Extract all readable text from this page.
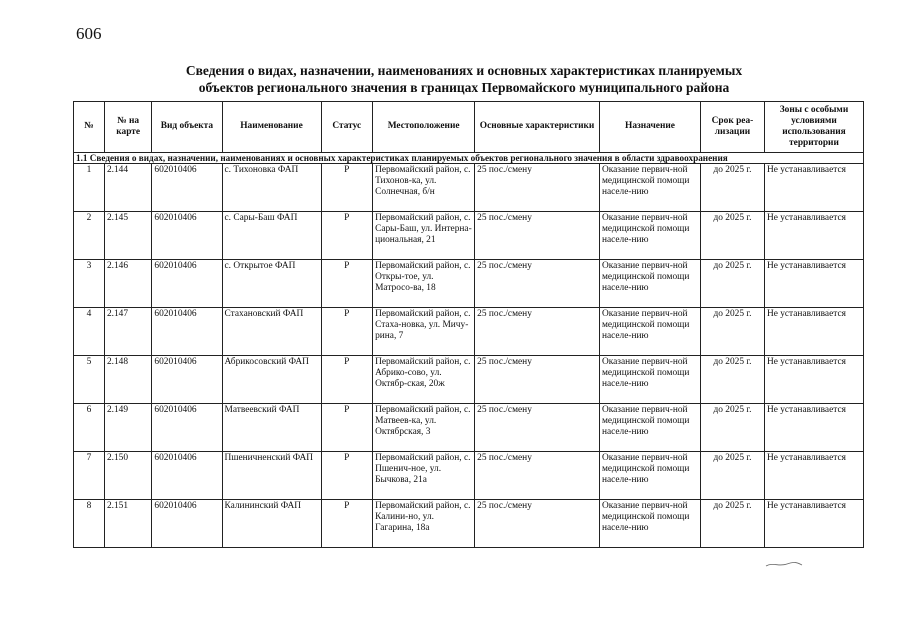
606
Сведения о видах, назначении, наименованиях и основных характеристиках планируемых
объектов регионального значения в границах Первомайского муниципального района
№	№ на карте	Вид объекта	Наименование	Статус	Местоположение	Основные характеристики	Назначение	Срок реа-лизации	Зоны с особыми условиями использования территории
1.1 Сведения о видах, назначении, наименованиях и основных характеристиках планируемых объектов регионального значения в области здравоохранения									
1	2.144	602010406	с. Тихоновка ФАП	Р	Первомайский район, с. Тихонов-ка, ул. Солнечная, б/н	25 пос./смену	Оказание первич-ной медицинской помощи населе-нию	до 2025 г.	Не устанавливается
2	2.145	602010406	с. Сары-Баш ФАП	Р	Первомайский район, с. Сары-Баш, ул. Интерна-циональная, 21	25 пос./смену	Оказание первич-ной медицинской помощи населе-нию	до 2025 г.	Не устанавливается
3	2.146	602010406	с. Открытое ФАП	Р	Первомайский район, с. Откры-тое, ул. Матросо-ва, 18	25 пос./смену	Оказание первич-ной медицинской помощи населе-нию	до 2025 г.	Не устанавливается
4	2.147	602010406	Стахановский ФАП	Р	Первомайский район, с. Стаха-новка, ул. Мичу-рина, 7	25 пос./смену	Оказание первич-ной медицинской помощи населе-нию	до 2025 г.	Не устанавливается
5	2.148	602010406	Абрикосовский ФАП	Р	Первомайский район, с. Абрико-сово, ул. Октябр-ская, 20ж	25 пос./смену	Оказание первич-ной медицинской помощи населе-нию	до 2025 г.	Не устанавливается
6	2.149	602010406	Матвеевский ФАП	Р	Первомайский район, с. Матвеев-ка, ул. Октябрская, 3	25 пос./смену	Оказание первич-ной медицинской помощи населе-нию	до 2025 г.	Не устанавливается
7	2.150	602010406	Пшеничненский ФАП	Р	Первомайский район, с. Пшенич-ное, ул. Бычкова, 21а	25 пос./смену	Оказание первич-ной медицинской помощи населе-нию	до 2025 г.	Не устанавливается
8	2.151	602010406	Калининский ФАП	Р	Первомайский район, с. Калини-но, ул. Гагарина, 18а	25 пос./смену	Оказание первич-ной медицинской помощи населе-нию	до 2025 г.	Не устанавливается
